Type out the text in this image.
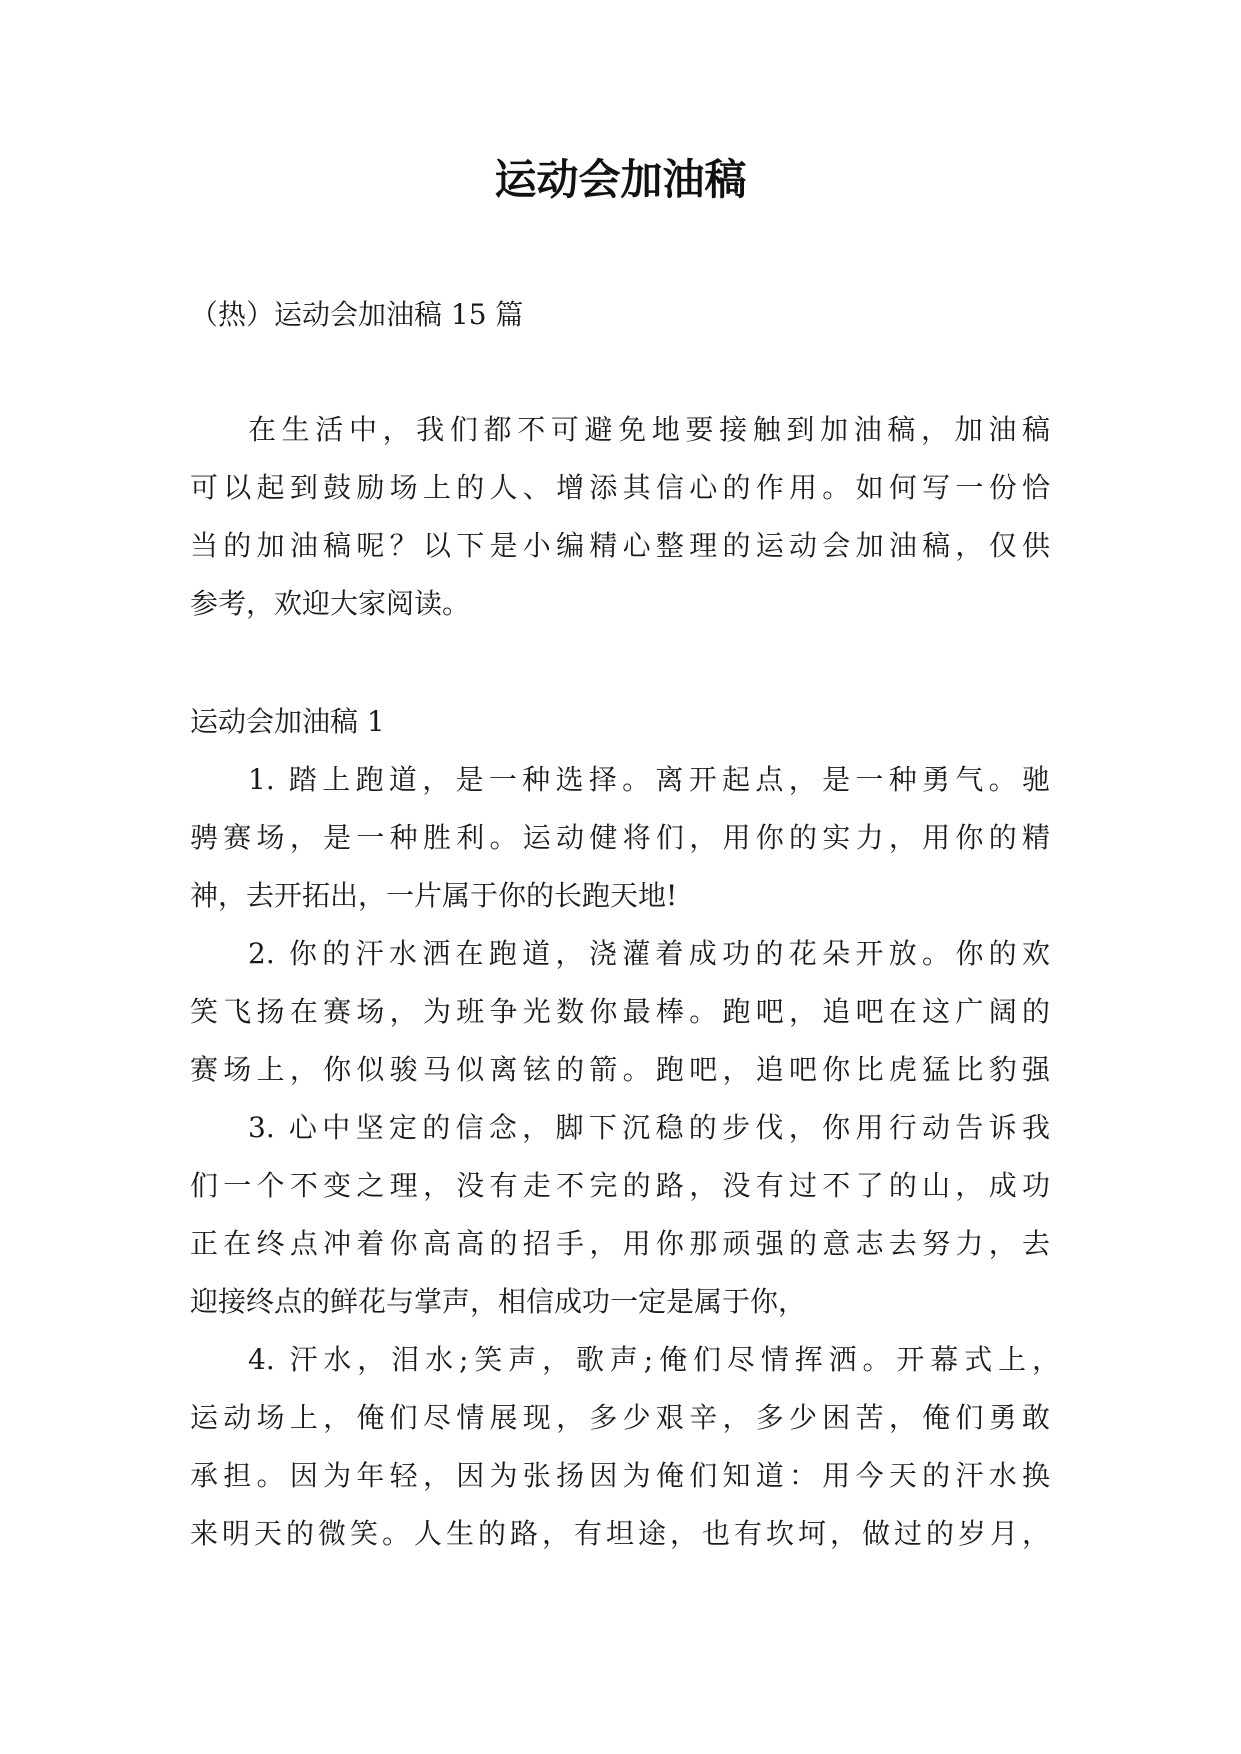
运动会加油稿
（热）运动会加油稿 15 篇
在生活中，我们都不可避免地要接触到加油稿，加油稿
可以起到鼓励场上的人、增添其信心的作用。如何写一份恰
当的加油稿呢？以下是小编精心整理的运动会加油稿，仅供
参考，欢迎大家阅读。
运动会加油稿 1
1. 踏上跑道，是一种选择。离开起点，是一种勇气。驰
骋赛场，是一种胜利。运动健将们，用你的实力，用你的精
神，去开拓出，一片属于你的长跑天地!
2. 你的汗水洒在跑道，浇灌着成功的花朵开放。你的欢
笑飞扬在赛场，为班争光数你最棒。跑吧，追吧在这广阔的
赛场上，你似骏马似离铉的箭。跑吧，追吧你比虎猛比豹强
3. 心中坚定的信念，脚下沉稳的步伐，你用行动告诉我
们一个不变之理，没有走不完的路，没有过不了的山，成功
正在终点冲着你高高的招手，用你那顽强的意志去努力，去
迎接终点的鲜花与掌声，相信成功一定是属于你，
4. 汗水，泪水;笑声，歌声;俺们尽情挥洒。开幕式上，
运动场上，俺们尽情展现，多少艰辛，多少困苦，俺们勇敢
承担。因为年轻，因为张扬因为俺们知道：用今天的汗水换
来明天的微笑。人生的路，有坦途，也有坎坷，做过的岁月，
